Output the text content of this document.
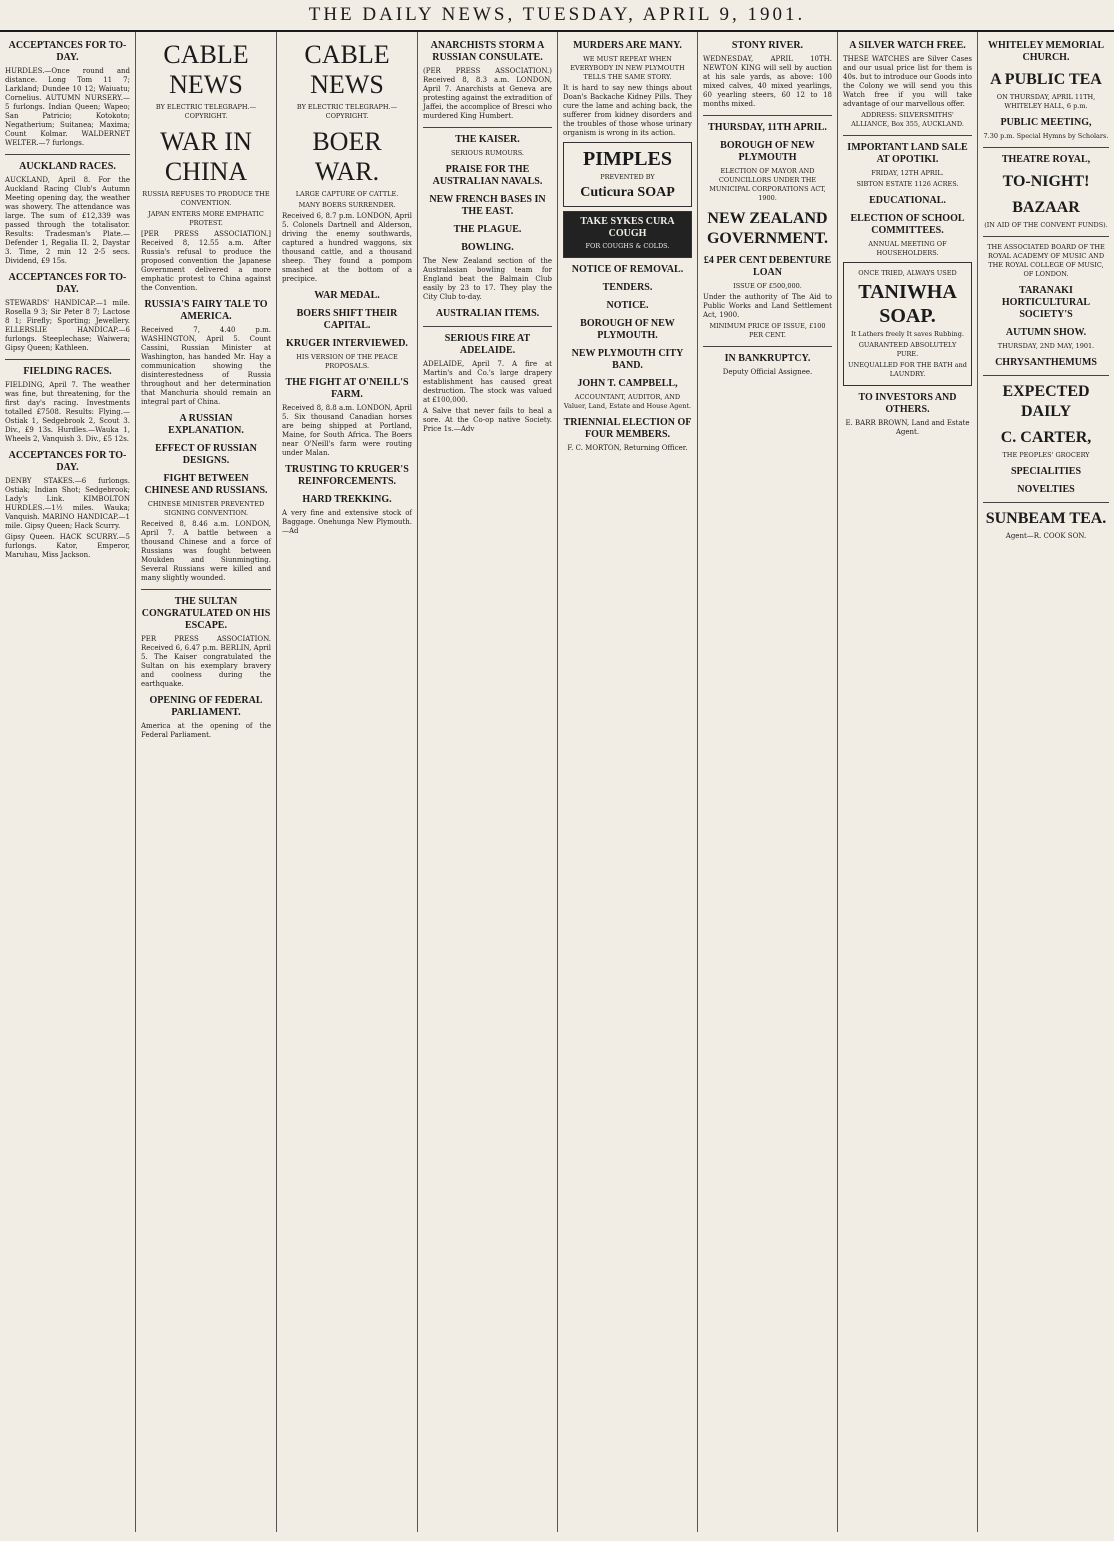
THE DAILY NEWS, TUESDAY, APRIL 9, 1901.
ACCEPTANCES FOR TO-DAY.

HURDLES.—Once round and distance. Long Tom 11 7; Larkland; Dundee 10 12; Waiuatu; Cornelius. AUTUMN NURSERY.—5 furlongs. Indian Queen; Wapeo; San Patricio; Kotokoto; Negatherium; Suitanea; Maxima; Count Kolmar. WALDERNET WELTER.—7 furlongs.

AUCKLAND RACES.

AUCKLAND, April 8. For the Auckland Racing Club's Autumn Meeting opening day, the weather was showery. The attendance was large. The sum of £12,339 was passed through the totalisator. Results: Tradesman's Plate.—Defender 1, Regalia II. 2, Daystar 3. Time, 2 min 12 2-5 secs. Dividend, £9 15s.

ACCEPTANCES FOR TO-DAY.

STEWARDS' HANDICAP.—1 mile. Rosella 9 3; Sir Peter 8 7; Lactose 8 1; Firefly; Sporting; Jewellery. ELLERSLIE HANDICAP.—6 furlongs. Steeplechase; Waiwera; Gipsy Queen; Kathleen.

FIELDING RACES.

FIELDING, April 7. The weather was fine, but threatening, for the first day's racing. Investments totalled £7508. Results: Flying.—Ostiak 1, Sedgebrook 2, Scout 3. Div., £9 13s. Hurdles.—Wauka 1, Wheels 2, Vanquish 3. Div., £5 12s.

ACCEPTANCES FOR TO-DAY.

DENBY STAKES.—6 furlongs. Ostiak; Indian Shot; Sedgebrook; Lady's Link. KIMBOLTON HURDLES.—1½ miles. Wauka; Vanquish. MARINO HANDICAP.—1 mile. Gipsy Queen; Hack Scurry.

Gipsy Queen. HACK SCURRY.—5 furlongs. Kator, Emperor, Maruhau, Miss Jackson.

CABLE NEWS
BY ELECTRIC TELEGRAPH.—COPYRIGHT.
WAR IN CHINA
RUSSIA REFUSES TO PRODUCE THE CONVENTION.
JAPAN ENTERS MORE EMPHATIC PROTEST.

[PER PRESS ASSOCIATION.] Received 8, 12.55 a.m. After Russia's refusal to produce the proposed convention the Japanese Government delivered a more emphatic protest to China against the Convention.

RUSSIA'S FAIRY TALE TO AMERICA.

Received 7, 4.40 p.m. WASHINGTON, April 5. Count Cassini, Russian Minister at Washington, has handed Mr. Hay a communication showing the disinterestedness of Russia throughout and her determination that Manchuria should remain an integral part of China.

A RUSSIAN EXPLANATION.
EFFECT OF RUSSIAN DESIGNS.
FIGHT BETWEEN CHINESE AND RUSSIANS.
CHINESE MINISTER PREVENTED SIGNING CONVENTION.

Received 8, 8.46 a.m. LONDON, April 7. A battle between a thousand Chinese and a force of Russians was fought between Moukden and Siunmingting. Several Russians were killed and many slightly wounded.

THE SULTAN CONGRATULATED ON HIS ESCAPE.

PER PRESS ASSOCIATION. Received 6, 6.47 p.m. BERLIN, April 5. The Kaiser congratulated the Sultan on his exemplary bravery and coolness during the earthquake.

OPENING OF FEDERAL PARLIAMENT.

America at the opening of the Federal Parliament.

CABLE NEWS
BY ELECTRIC TELEGRAPH.—COPYRIGHT.
BOER WAR.
LARGE CAPTURE OF CATTLE.
MANY BOERS SURRENDER.

Received 6, 8.7 p.m. LONDON, April 5. Colonels Dartnell and Alderson, driving the enemy southwards, captured a hundred waggons, six thousand cattle, and a thousand sheep. They found a pompom smashed at the bottom of a precipice.

WAR MEDAL.
BOERS SHIFT THEIR CAPITAL.
KRUGER INTERVIEWED.
HIS VERSION OF THE PEACE PROPOSALS.
THE FIGHT AT O'NEILL'S FARM.

Received 8, 8.8 a.m. LONDON, April 5. Six thousand Canadian horses are being shipped at Portland, Maine, for South Africa. The Boers near O'Neill's farm were routing under Malan.

TRUSTING TO KRUGER'S REINFORCEMENTS.
HARD TREKKING.

A very fine and extensive stock of Baggage. Onehunga New Plymouth.—Ad

ANARCHISTS STORM A RUSSIAN CONSULATE.

(PER PRESS ASSOCIATION.) Received 8, 8.3 a.m. LONDON, April 7. Anarchists at Geneva are protesting against the extradition of Jaffei, the accomplice of Bresci who murdered King Humbert.

THE KAISER.
SERIOUS RUMOURS.
PRAISE FOR THE AUSTRALIAN NAVALS.
NEW FRENCH BASES IN THE EAST.
THE PLAGUE.
BOWLING.

The New Zealand section of the Australasian bowling team for England beat the Balmain Club easily by 23 to 17. They play the City Club to-day.

AUSTRALIAN ITEMS.
SERIOUS FIRE AT ADELAIDE.

ADELAIDE, April 7. A fire at Martin's and Co.'s large drapery establishment has caused great destruction. The stock was valued at £100,000.

A Salve that never fails to heal a sore. At the Co-op native Society. Price 1s.—Adv

MURDERS ARE MANY.
WE MUST REPEAT WHEN EVERYBODY IN NEW PLYMOUTH TELLS THE SAME STORY.

It is hard to say new things about Doan's Backache Kidney Pills. They cure the lame and aching back, the sufferer from kidney disorders and the troubles of those whose urinary organism is wrong in its action.

PIMPLES
PREVENTED BY
Cuticura SOAP
TAKE SYKES CURA COUGH
FOR COUGHS & COLDS.
NOTICE OF REMOVAL.
TENDERS.
NOTICE.
BOROUGH OF NEW PLYMOUTH.
NEW PLYMOUTH CITY BAND.
JOHN T. CAMPBELL,
ACCOUNTANT, AUDITOR, AND Valuer, Land, Estate and House Agent.
TRIENNIAL ELECTION OF FOUR MEMBERS.

F. C. MORTON, Returning Officer.

STONY RIVER.

WEDNESDAY, APRIL 10TH. NEWTON KING will sell by auction at his sale yards, as above: 100 mixed calves, 40 mixed yearlings, 60 yearling steers, 60 12 to 18 months mixed.

THURSDAY, 11TH APRIL.
BOROUGH OF NEW PLYMOUTH
ELECTION OF MAYOR AND COUNCILLORS UNDER THE MUNICIPAL CORPORATIONS ACT, 1900.
NEW ZEALAND GOVERNMENT.
£4 PER CENT DEBENTURE LOAN
ISSUE OF £500,000.

Under the authority of The Aid to Public Works and Land Settlement Act, 1900.

MINIMUM PRICE OF ISSUE, £100 PER CENT.
IN BANKRUPTCY.

Deputy Official Assignee.

A SILVER WATCH FREE.

THESE WATCHES are Silver Cases and our usual price list for them is 40s. but to introduce our Goods into the Colony we will send you this Watch free if you will take advantage of our marvellous offer.

ADDRESS: SILVERSMITHS' ALLIANCE, Box 355, AUCKLAND.
IMPORTANT LAND SALE AT OPOTIKI.
FRIDAY, 12TH APRIL.
SIBTON ESTATE 1126 ACRES.
EDUCATIONAL.
ELECTION OF SCHOOL COMMITTEES.
ANNUAL MEETING OF HOUSEHOLDERS.
ONCE TRIED, ALWAYS USED
TANIWHA SOAP.
It Lathers freely It saves Rubbing.
GUARANTEED ABSOLUTELY PURE.
UNEQUALLED FOR THE BATH and LAUNDRY.
TO INVESTORS AND OTHERS.

E. BARR BROWN, Land and Estate Agent.

WHITELEY MEMORIAL CHURCH.
A PUBLIC TEA
ON THURSDAY, APRIL 11TH, WHITELEY HALL, 6 p.m.
PUBLIC MEETING,
7.30 p.m. Special Hymns by Scholars.
THEATRE ROYAL,
TO-NIGHT!
BAZAAR
(IN AID OF THE CONVENT FUNDS).
THE ASSOCIATED BOARD OF THE ROYAL ACADEMY OF MUSIC AND THE ROYAL COLLEGE OF MUSIC, OF LONDON.
TARANAKI HORTICULTURAL SOCIETY'S
AUTUMN SHOW.
THURSDAY, 2ND MAY, 1901.
CHRYSANTHEMUMS
EXPECTED DAILY
C. CARTER,
THE PEOPLES' GROCERY
SPECIALITIES
NOVELTIES
SUNBEAM TEA.

Agent—R. COOK SON.
